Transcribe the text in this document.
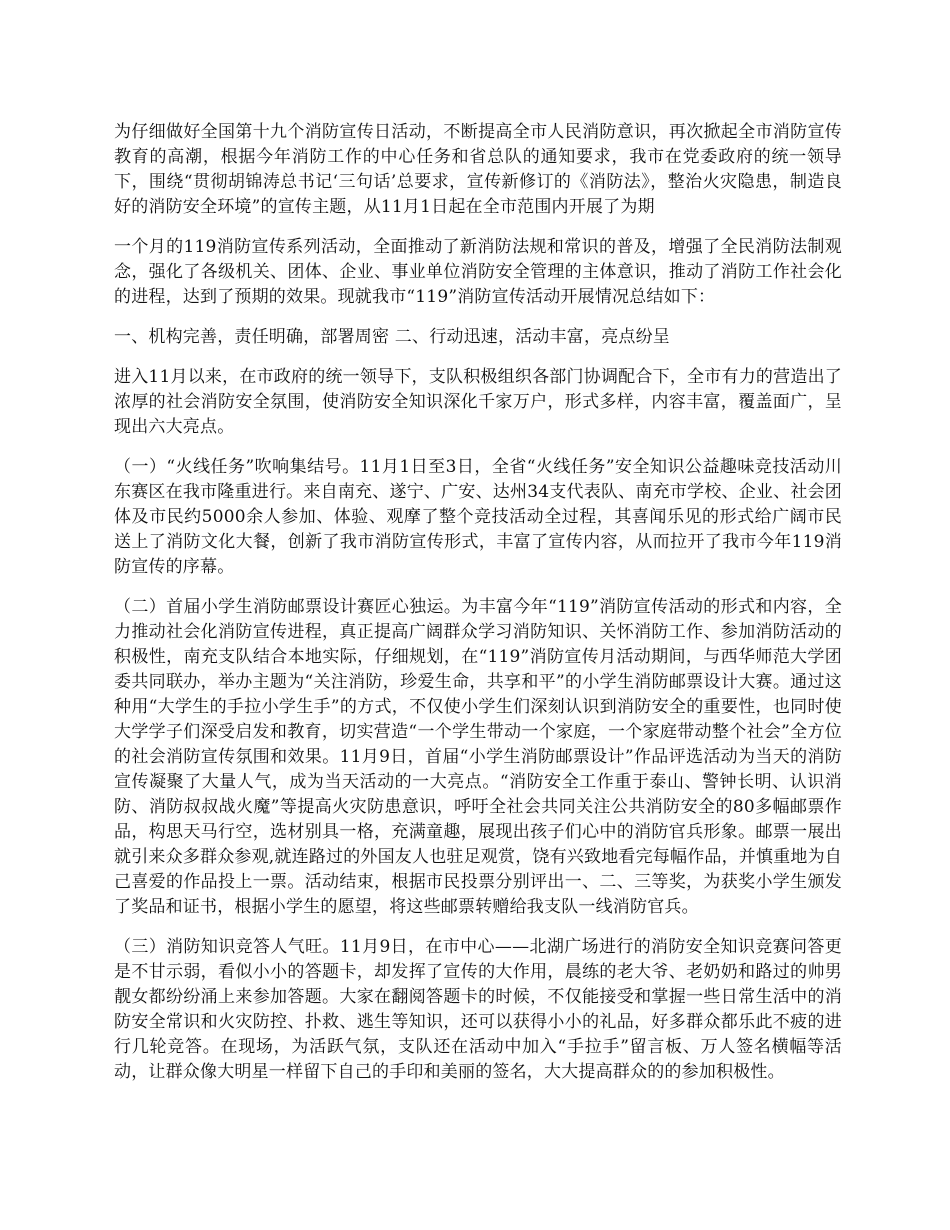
为仔细做好全国第十九个消防宣传日活动，不断提高全市人民消防意识，再次掀起全市消防宣传教育的高潮，根据今年消防工作的中心任务和省总队的通知要求，我市在党委政府的统一领导下，围绕“贯彻胡锦涛总书记‘三句话’总要求，宣传新修订的《消防法》，整治火灾隐患，制造良好的消防安全环境”的宣传主题，从11月1日起在全市范围内开展了为期

一个月的119消防宣传系列活动，全面推动了新消防法规和常识的普及，增强了全民消防法制观念，强化了各级机关、团体、企业、事业单位消防安全管理的主体意识，推动了消防工作社会化的进程，达到了预期的效果。现就我市“119”消防宣传活动开展情况总结如下：

一、机构完善，责任明确，部署周密 二、行动迅速，活动丰富，亮点纷呈

进入11月以来，在市政府的统一领导下，支队积极组织各部门协调配合下，全市有力的营造出了浓厚的社会消防安全氛围，使消防安全知识深化千家万户，形式多样，内容丰富，覆盖面广，呈现出六大亮点。

（一）“火线任务”吹响集结号。11月1日至3日，全省“火线任务”安全知识公益趣味竞技活动川东赛区在我市隆重进行。来自南充、遂宁、广安、达州34支代表队、南充市学校、企业、社会团体及市民约5000余人参加、体验、观摩了整个竞技活动全过程，其喜闻乐见的形式给广阔市民送上了消防文化大餐，创新了我市消防宣传形式，丰富了宣传内容，从而拉开了我市今年119消防宣传的序幕。

（二）首届小学生消防邮票设计赛匠心独运。为丰富今年“119”消防宣传活动的形式和内容，全力推动社会化消防宣传进程，真正提高广阔群众学习消防知识、关怀消防工作、参加消防活动的积极性，南充支队结合本地实际，仔细规划，在“119”消防宣传月活动期间，与西华师范大学团委共同联办，举办主题为“关注消防，珍爱生命，共享和平”的小学生消防邮票设计大赛。通过这种用“大学生的手拉小学生手”的方式，不仅使小学生们深刻认识到消防安全的重要性，也同时使大学学子们深受启发和教育，切实营造“一个学生带动一个家庭，一个家庭带动整个社会”全方位的社会消防宣传氛围和效果。11月9日，首届“小学生消防邮票设计”作品评选活动为当天的消防宣传凝聚了大量人气，成为当天活动的一大亮点。“消防安全工作重于泰山、警钟长明、认识消防、消防叔叔战火魔”等提高火灾防患意识，呼吁全社会共同关注公共消防安全的80多幅邮票作品，构思天马行空，选材别具一格，充满童趣，展现出孩子们心中的消防官兵形象。邮票一展出就引来众多群众参观,就连路过的外国友人也驻足观赏，饶有兴致地看完每幅作品，并慎重地为自己喜爱的作品投上一票。活动结束，根据市民投票分别评出一、二、三等奖，为获奖小学生颁发了奖品和证书，根据小学生的愿望，将这些邮票转赠给我支队一线消防官兵。

（三）消防知识竞答人气旺。11月9日，在市中心——北湖广场进行的消防安全知识竞赛问答更是不甘示弱，看似小小的答题卡，却发挥了宣传的大作用，晨练的老大爷、老奶奶和路过的帅男靓女都纷纷涌上来参加答题。大家在翻阅答题卡的时候，不仅能接受和掌握一些日常生活中的消防安全常识和火灾防控、扑救、逃生等知识，还可以获得小小的礼品，好多群众都乐此不疲的进行几轮竞答。在现场，为活跃气氛，支队还在活动中加入“手拉手”留言板、万人签名横幅等活动，让群众像大明星一样留下自己的手印和美丽的签名，大大提高群众的的参加积极性。
